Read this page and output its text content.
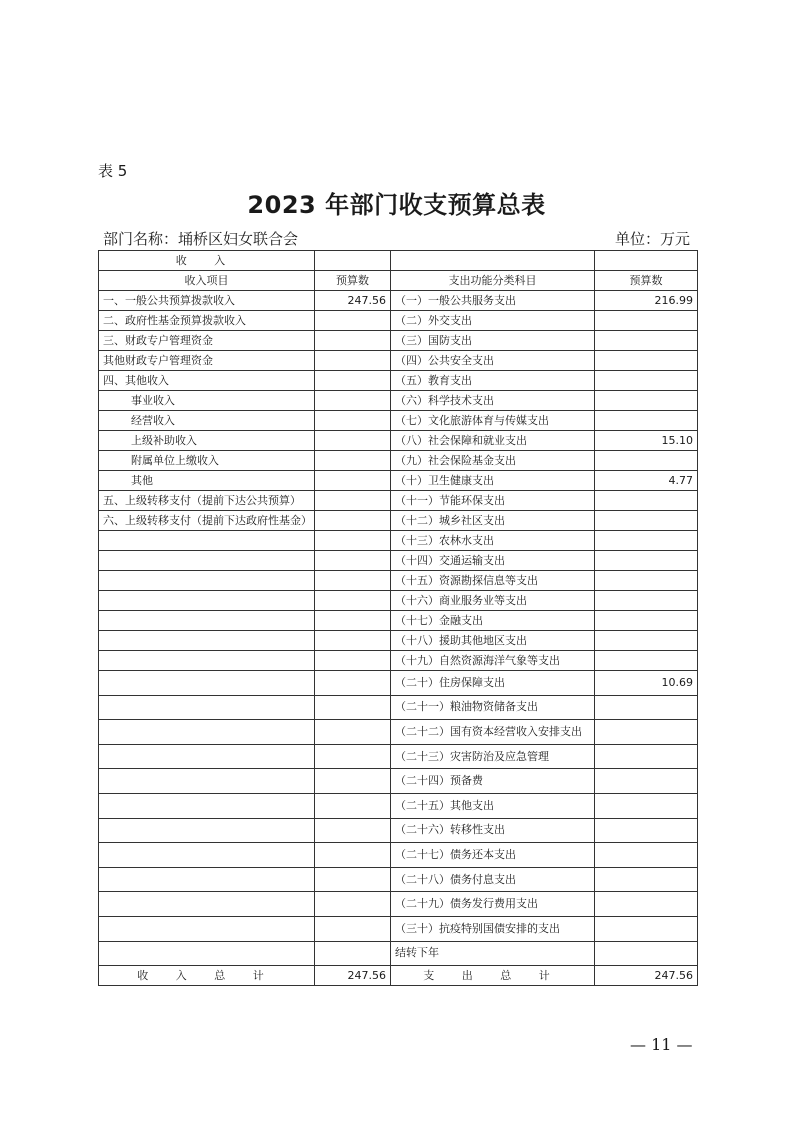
表 5
2023 年部门收支预算总表
部门名称：埇桥区妇女联合会	单位：万元
收 入			
收入项目	预算数	支出功能分类科目	预算数
一、一般公共预算拨款收入	247.56	（一）一般公共服务支出	216.99
二、政府性基金预算拨款收入		（二）外交支出	
三、财政专户管理资金		（三）国防支出	
其他财政专户管理资金		（四）公共安全支出	
四、其他收入		（五）教育支出	
事业收入		（六）科学技术支出	
经营收入		（七）文化旅游体育与传媒支出	
上级补助收入		（八）社会保障和就业支出	15.10
附属单位上缴收入		（九）社会保险基金支出	
其他		（十）卫生健康支出	4.77
五、上级转移支付（提前下达公共预算）		（十一）节能环保支出	
六、上级转移支付（提前下达政府性基金）		（十二）城乡社区支出	
		（十三）农林水支出	
		（十四）交通运输支出	
		（十五）资源勘探信息等支出	
		（十六）商业服务业等支出	
		（十七）金融支出	
		（十八）援助其他地区支出	
		（十九）自然资源海洋气象等支出	
		（二十）住房保障支出	10.69
		（二十一）粮油物资储备支出	
		（二十二）国有资本经营收入安排支出	
		（二十三）灾害防治及应急管理	
		（二十四）预备费	
		（二十五）其他支出	
		（二十六）转移性支出	
		（二十七）债务还本支出	
		（二十八）债务付息支出	
		（二十九）债务发行费用支出	
		（三十）抗疫特别国债安排的支出	
		结转下年	
收 入 总 计	247.56	支 出 总 计	247.56
— 11 —
